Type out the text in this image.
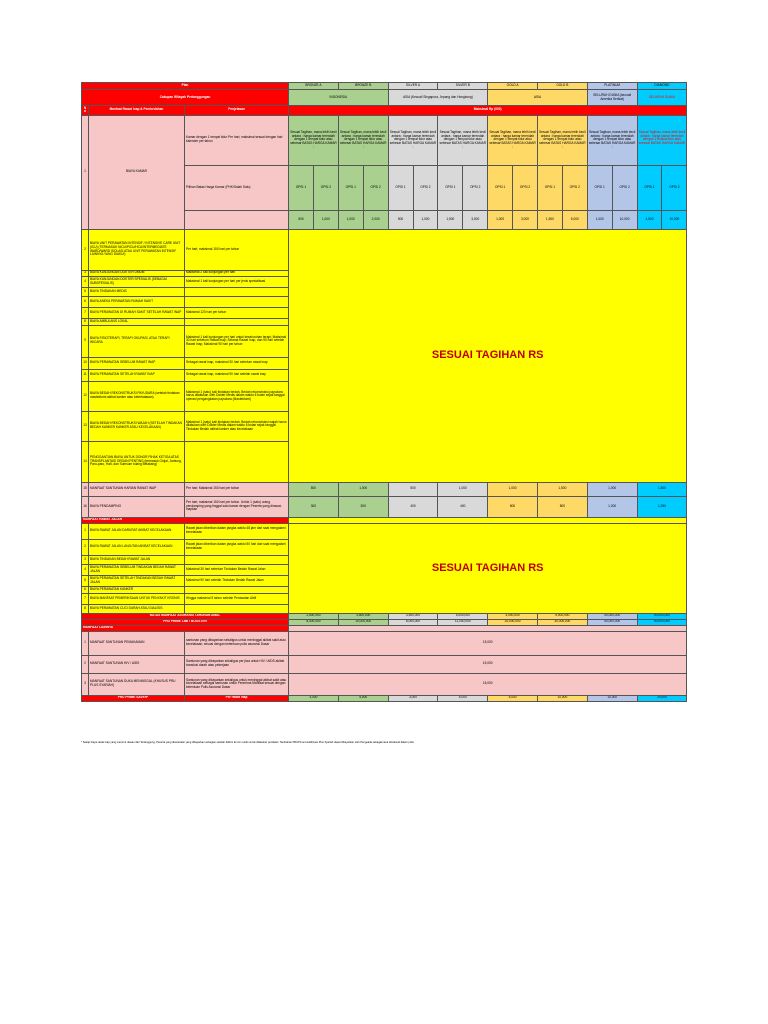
Plan			BRONZE A		BRONZE B		SILVER A		SILVER B		GOLD A		GOLD B		PLATINUM		DIAMOND	
Cakupan Wilayah Pertanggungan			INDONESIA				ASIA (Kecuali Singapura, Jepang dan Hongkong)				ASIA				SELURUH DUNIA (kecuali Amerika Serikat)		SELURUH DUNIA	
No	Manfaat Rawat Inap & Pembedahan	Penjelasan	Maksimal Rp (000)															
1	BIAYA KAMAR	Kamar dengan 1 tempat tidur Per hari; maksimal sesuai dengan hari kalender per tahun	Sesuai Tagihan, mana lebih kecil antara : harga kamar terendah dengan 1 tempat tidur atau sebesar BATAS HARGA KAMAR :		Sesuai Tagihan, mana lebih kecil antara : harga kamar terendah dengan 1 tempat tidur atau sebesar BATAS HARGA KAMAR :		Sesuai Tagihan, mana lebih kecil antara : harga kamar terendah dengan 1 tempat tidur atau sebesar BATAS HARGA KAMAR :		Sesuai Tagihan, mana lebih kecil antara : harga kamar terendah dengan 1 tempat tidur atau sebesar BATAS HARGA KAMAR :		Sesuai Tagihan, mana lebih kecil antara : harga kamar terendah dengan 1 tempat tidur atau sebesar BATAS HARGA KAMAR :		Sesuai Tagihan, mana lebih kecil antara : harga kamar terendah dengan 1 tempat tidur atau sebesar BATAS HARGA KAMAR :		Sesuai Tagihan, mana lebih kecil antara : harga kamar terendah dengan 1 tempat tidur atau sebesar BATAS HARGA KAMAR :		Sesuai Tagihan, mana lebih kecil antara : harga kamar terendah dengan 1 tempat tidur atau sebesar BATAS HARGA KAMAR :	
		Pilihan Batas Harga Kamar (PHK/Salah Satu)	OPSI 1	OPSI 2	OPSI 1	OPSI 2	OPSI 1	OPSI 2	OPSI 1	OPSI 2	OPSI 1	OPSI 2	OPSI 1	OPSI 2	OPSI 1	OPSI 2	OPSI 1	OPSI 2
			500	1,000	1,000	2,000	500	1,000	1,500	3,000	1,000	3,000	1,500	5,000	1,000	10,000	1,500	10,000
2	BIAYA UNIT PERAWATAN INTENSIF / INTENSIVE CARE UNIT (ICU) (TERMASUK NICU/PICU/HCU/INTERMEDIATE WARD/WARD ISOLASI ATAU UNIT PERAWATAN INTENSIF LAINNYA YANG DIAKUI)	Per hari; maksimal 150 hari per tahun	SESUAI TAGIHAN RS															
3	BIAYA KUNJUNGAN DOKTER UMUM	Maksimal 2 kali kunjungan per hari																
4	BIAYA KUNJUNGAN DOKTER SPESIALIS (SEBAGAI SUBSPESIALIS)	Maksimal 1 kali kunjungan per hari per jenis spesialisasi																
5	BIAYA TINDAKAN MEDIS																	
6	BIAYA ANEKA PERAWATAN RUMAH SAKIT																	
7	BIAYA PERAWATAN DI RUMAH SAKIT SETELAH RAWAT INAP	Maksimal 120 hari per tahun																
8	BIAYA AMBULANS LOKAL																	
9	BIAYA FISIOTERAPI, TERAPI OKUPASI, ATAU TERAPI WICARA	Maksimal 1 kali kunjungan per hari untuk keseluruhan terapi; Maksimal 30 hari sebelum Rawat Inap; Selama Rawat Inap, dan 90 hari setelah Rawat Inap; Maksimal 90 hari per tahun																
10	BIAYA PERAWATAN SEBELUM RAWAT INAP	Sebagai rawat inap, maksimal 30 hari sebelum rawat inap																
11	BIAYA PERAWATAN SETELAH RAWAT INAP	Sebagai rawat inap, maksimal 90 hari setelah rawat inap																
12	BIAYA BEDAH REKONSTRUKSI PAYUDARA (setelah tindakan mastektomi akibat kanker atau keterbatasan)	Maksimal 1 (satu) kali tindakan bedah. Bedah rekonstruksi payudara harus dilakukan oleh Dokter Medis dalam waktu 6 bulan sejak tanggal operasi pengangkatan payudara (Mastektomi)																
13	BIAYA BEDAH REKONSTRUKSI WAJAH (SETELAH TINDAKAN BEDAH KANKER KANKER ATAU KECELAKAAN)	Maksimal 1 (satu) kali tindakan bedah. Bedah rekonstruksi wajah harus dilakukan oleh Dokter Medis dalam waktu 6 bulan sejak tanggal Tindakan Bedah akibat kanker atau kecelakaan																
14	PENGGANTIAN BIAYA UNTUK DONOR PIHAK KETIGA ATAS TRANSPLANTASI ORGAN PENTING (termasuk Ginjal, Jantung, Paru-paru, Hati, dan Sumsum tulang Belakang)																	
15	MANFAAT SANTUNAN HARIAN RAWAT INAP	Per hari; Maksimal 150 hari per tahun	500		1,000		500		1,000		1,000		1,500		1,000		1,500	
16	BIAYA PENDAMPING	Per hari; maksimal 150 hari per tahun. Untuk 1 (satu) orang pendamping yang tinggal satu kamar dengan Peserta yang dirawat-inapkan	300		300		400		400		800		800		1,000		1,250	
MANFAAT RAWAT JALAN																		
1	BIAYA RAWAT JALAN DARURAT AKIBAT KECELAKAAN	Rawat jalan diberikan dalam jangka waktu 48 jam dari saat mengalami kecelakaan	SESUAI TAGIHAN RS															
2	BIAYA RAWAT JALAN LANJUTAN AKIBAT KECELAKAAN	Rawat jalan diberikan dalam jangka waktu 50 hari dari saat mengalami kecelakaan																
3	BIAYA TINDAKAN BEDAH RAWAT JALAN																	
4	BIAYA PERAWATAN SEBELUM TINDAKAN BEDAH RAWAT JALAN	Maksimal 30 hari sebelum Tindakan Bedah Rawat Jalan																
5	BIAYA PERAWATAN SETELAH TINDAKAN BEDAH RAWAT JALAN	Maksimal 90 hari setelah Tindakan Bedah Rawat Jalan																
6	BIAYA PERAWATAN KANKER																	
7	BIAYA MANFAAT PEMERIKSAAN UNTUK PENYAKIT KRONIS	Hingga maksimal 5 tahun setelah Perawatan Aktif																
8	BIAYA PERAWATAN CUCI DARAH ATAU DIALISIS																	
BATAS MANFAAT ASURANSI TAHUNAN AWAL			2,500,000		3,500,000		3,500,000		5,000,000		4,000,000		5,000,000		40,000,000		50,000,000	
PRU PRIME LIMIT BOOSTER			8,000,000		10,000,000		8,000,000		11,000,000		20,000,000		30,000,000		40,000,000		50,000,000	
MANFAAT LAINNYA																		
1	MANFAAT SANTUNAN PEMAKAMAN	santunan yang dibayarkan sekaligus untuk meninggal akibat sakit atau kecelakaan; sesuai dengan ketentuan polis asuransi Dasar	15,000															
2	MANFAAT SANTUNAN HIV / AIDS	Santunan yang dibayarkan sekaligus per jiwa untuk HIV / AIDS akibat transfusi darah atau pekerjaan	15,000															
3	MANFAAT SANTUNAN DUKA MENINGGAL (KHUSUS PRU PLUS SYARIAH)	Santunan yang dibayarkan sekaligus untuk meninggal akibat sakit atau kecelakaan sebagai santunan untuk Penerima Manfaat sesuai dengan ketentuan Polis Asuransi Dasar	15,000															
PRU PRIME SAVER*		Per rawat inap	3,000		5,000		3,000		5,000		5,000		10,000		10,000		20,000	
* Setiap biaya rawat inap yang menurut ulasan dari Tertanggung, Peserta yang disarankan yang dibayarkan sebagian setelah dikirim ke tim medis untuk dilakukan penilaian. Tambahan PRUPrime Healthcare Plus Syariah dapat dibayarkan oleh Pengelola sebagaimana dimaksud dalam polis
